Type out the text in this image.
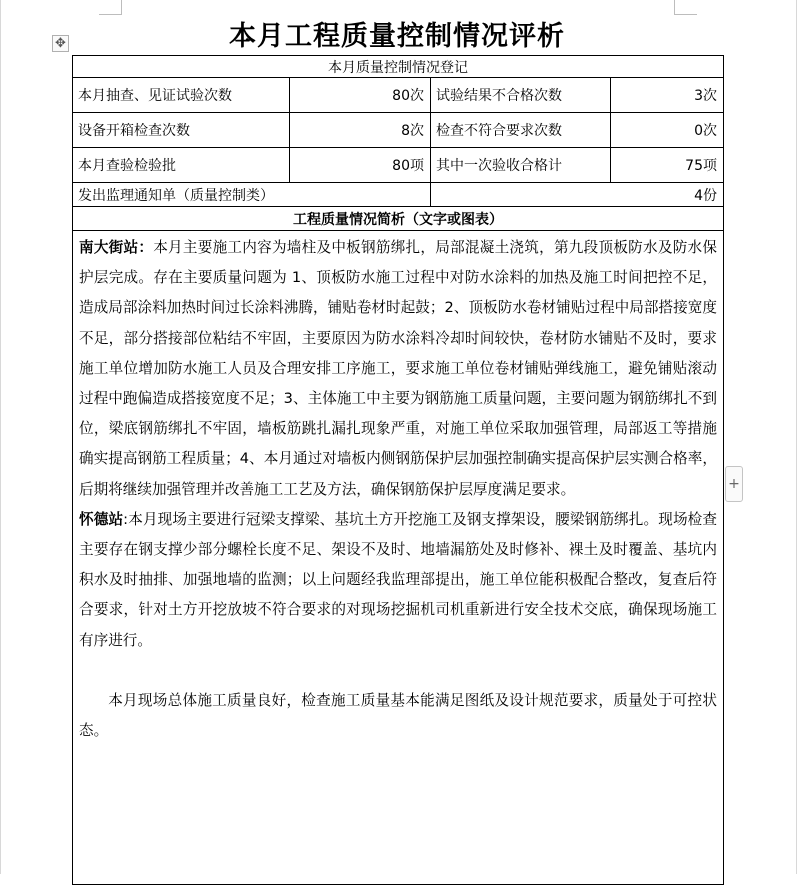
✥	本月工程质量控制情况评析
本月质量控制情况登记			
本月抽查、见证试验次数	80次	试验结果不合格次数	3次
设备开箱检查次数	8次	检查不符合要求次数	0次
本月查验检验批	80项	其中一次验收合格计	75项
发出监理通知单（质量控制类）		4份	
工程质量情况简析（文字或图表）			

南大街站：本月主要施工内容为墙柱及中板钢筋绑扎，局部混凝土浇筑，第九段顶板防水及防水保护层完成。存在主要质量问题为 1、顶板防水施工过程中对防水涂料的加热及施工时间把控不足，造成局部涂料加热时间过长涂料沸腾，铺贴卷材时起鼓；2、顶板防水卷材铺贴过程中局部搭接宽度不足，部分搭接部位粘结不牢固，主要原因为防水涂料冷却时间较快，卷材防水铺贴不及时，要求施工单位增加防水施工人员及合理安排工序施工，要求施工单位卷材铺贴弹线施工，避免铺贴滚动过程中跑偏造成搭接宽度不足；3、主体施工中主要为钢筋施工质量问题，主要问题为钢筋绑扎不到位，梁底钢筋绑扎不牢固，墙板筋跳扎漏扎现象严重，对施工单位采取加强管理，局部返工等措施确实提高钢筋工程质量；4、本月通过对墙板内侧钢筋保护层加强控制确实提高保护层实测合格率，后期将继续加强管理并改善施工工艺及方法，确保钢筋保护层厚度满足要求。

怀德站:本月现场主要进行冠梁支撑梁、基坑土方开挖施工及钢支撑架设，腰梁钢筋绑扎。现场检查主要存在钢支撑少部分螺栓长度不足、架设不及时、地墙漏筋处及时修补、裸土及时覆盖、基坑内积水及时抽排、加强地墙的监测；以上问题经我监理部提出，施工单位能积极配合整改，复查后符合要求，针对土方开挖放坡不符合要求的对现场挖掘机司机重新进行安全技术交底，确保现场施工有序进行。

本月现场总体施工质量良好，检查施工质量基本能满足图纸及设计规范要求，质量处于可控状态。			

+
